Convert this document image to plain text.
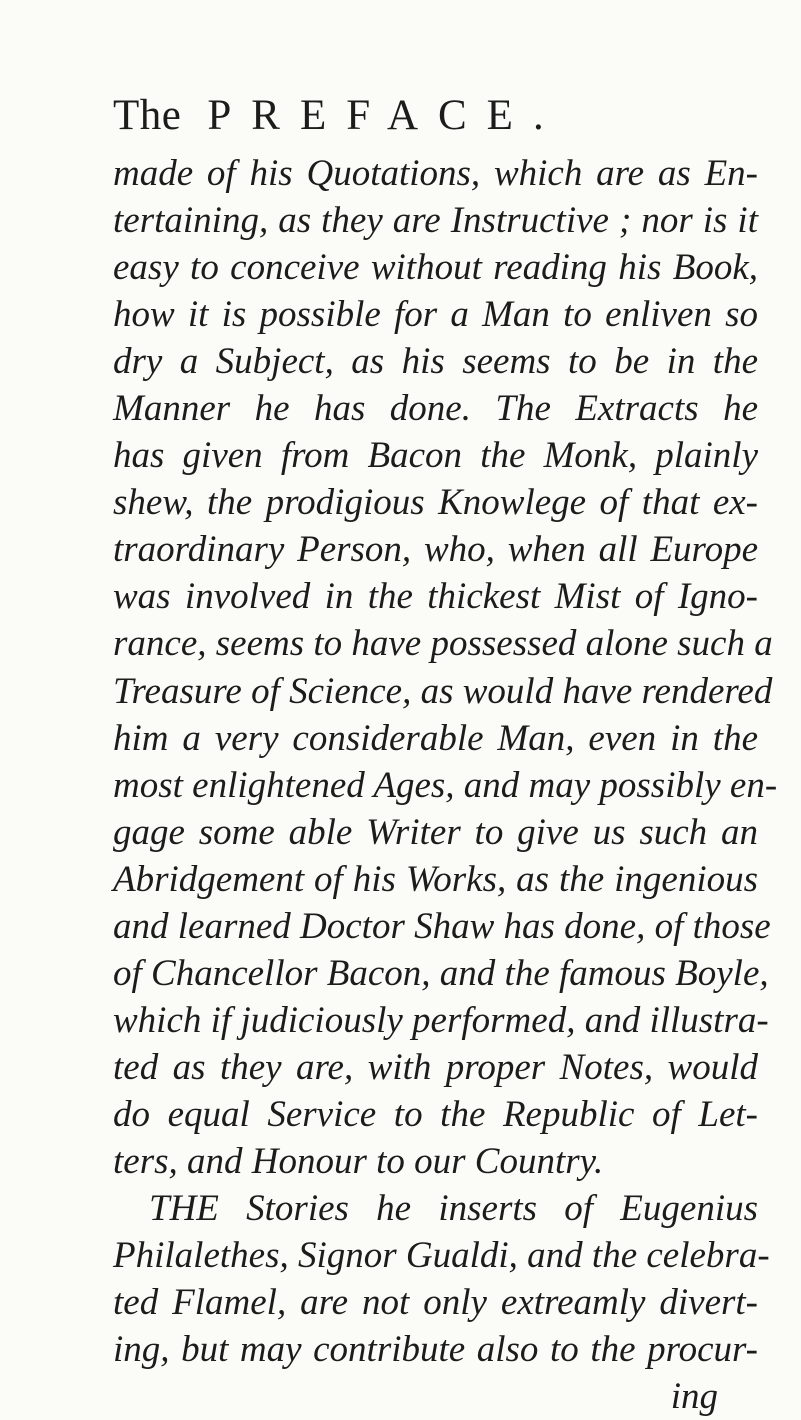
The PREFACE.
made of his Quotations, which are as En-
tertaining, as they are Instructive ; nor is it
easy to conceive without reading his Book,
how it is possible for a Man to enliven so
dry a Subject, as his seems to be in the
Manner he has done. The Extracts he
has given from Bacon the Monk, plainly
shew, the prodigious Knowlege of that ex-
traordinary Person, who, when all Europe
was involved in the thickest Mist of Igno-
rance, seems to have possessed alone such a
Treasure of Science, as would have rendered
him a very considerable Man, even in the
most enlightened Ages, and may possibly en-
gage some able Writer to give us such an
Abridgement of his Works, as the ingenious
and learned Doctor Shaw has done, of those
of Chancellor Bacon, and the famous Boyle,
which if judiciously performed, and illustra-
ted as they are, with proper Notes, would
do equal Service to the Republic of Let-
ters, and Honour to our Country.
THE Stories he inserts of Eugenius
Philalethes, Signor Gualdi, and the celebra-
ted Flamel, are not only extreamly divert-
ing, but may contribute also to the procur-
ing
